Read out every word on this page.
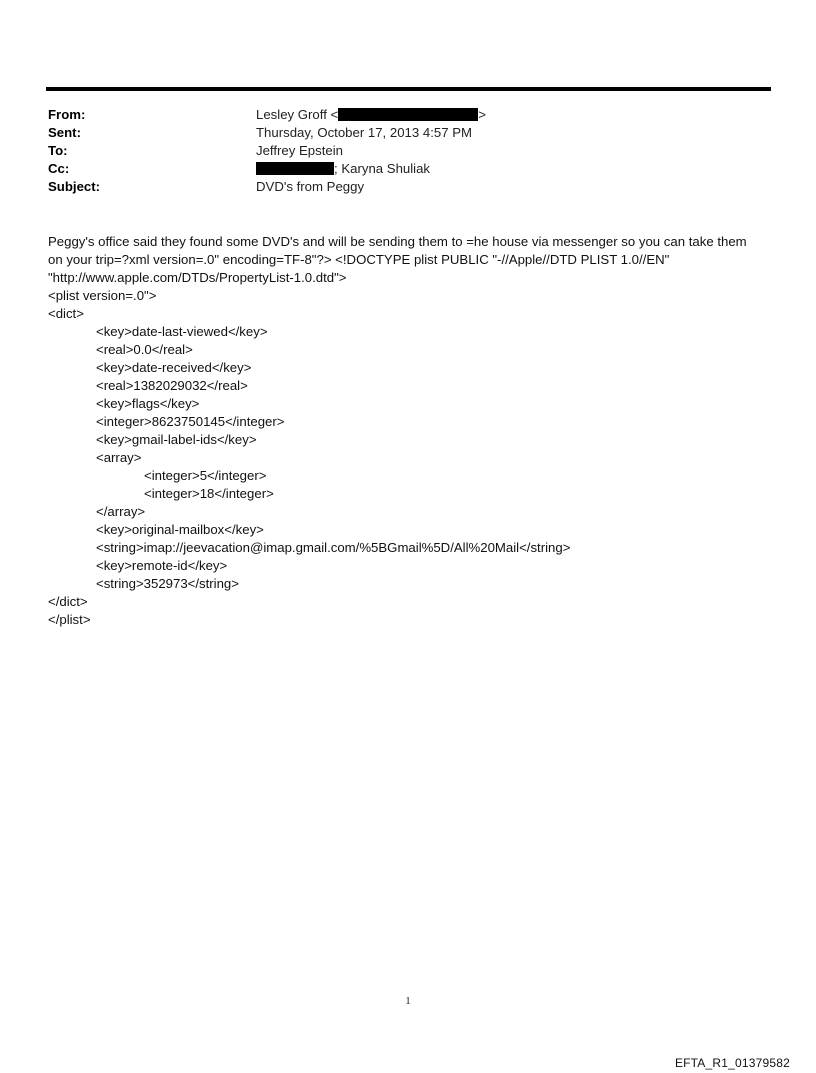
From:	Lesley Groff <	>
Sent:	Thursday, October 17, 2013 4:57 PM
To:	Jeffrey Epstein
Cc:	; Karyna Shuliak
Subject:	DVD's from Peggy
Peggy's office said they found some DVD's and will be sending them to =he house via messenger so you can take them
on your trip=?xml version=.0" encoding=TF-8"?> <!DOCTYPE plist PUBLIC "-//Apple//DTD PLIST 1.0//EN"
"http://www.apple.com/DTDs/PropertyList-1.0.dtd">
<plist version=.0">
<dict>
<key>date-last-viewed</key>
<real>0.0</real>
<key>date-received</key>
<real>1382029032</real>
<key>flags</key>
<integer>8623750145</integer>
<key>gmail-label-ids</key>
<array>
<integer>5</integer>
<integer>18</integer>
</array>
<key>original-mailbox</key>
<string>imap://jeevacation@imap.gmail.com/%5BGmail%5D/All%20Mail</string>
<key>remote-id</key>
<string>352973</string>
</dict>
</plist>
1
EFTA_R1_01379582
